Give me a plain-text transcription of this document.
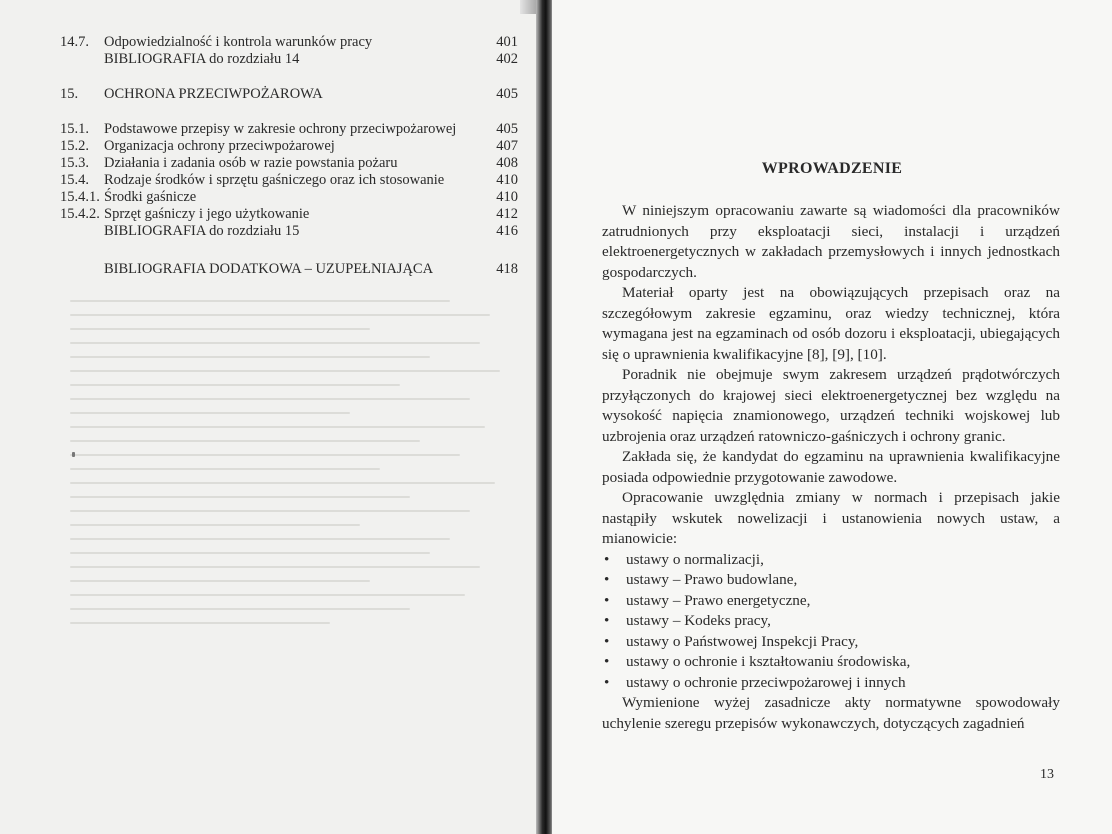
14.7. Odpowiedzialność i kontrola warunków pracy	401
BIBLIOGRAFIA do rozdziału 14	402
15. OCHRONA PRZECIWPOŻAROWA	405
15.1. Podstawowe przepisy w zakresie ochrony przeciwpożarowej	405
15.2. Organizacja ochrony przeciwpożarowej	407
15.3. Działania i zadania osób w razie powstania pożaru	408
15.4. Rodzaje środków i sprzętu gaśniczego oraz ich stosowanie	410
15.4.1. Środki gaśnicze	410
15.4.2. Sprzęt gaśniczy i jego użytkowanie	412
BIBLIOGRAFIA do rozdziału 15	416
BIBLIOGRAFIA DODATKOWA – UZUPEŁNIAJĄCA	418
WPROWADZENIE

W niniejszym opracowaniu zawarte są wiadomości dla pracowników zatrudnionych przy eksploatacji sieci, instalacji i urządzeń elektroenergetycznych w zakładach przemysłowych i innych jednostkach gospodarczych.

Materiał oparty jest na obowiązujących przepisach oraz na szczegółowym zakresie egzaminu, oraz wiedzy technicznej, która wymagana jest na egzaminach od osób dozoru i eksploatacji, ubiegających się o uprawnienia kwalifikacyjne [8], [9], [10].

Poradnik nie obejmuje swym zakresem urządzeń prądotwórczych przyłączonych do krajowej sieci elektroenergetycznej bez względu na wysokość napięcia znamionowego, urządzeń techniki wojskowej lub uzbrojenia oraz urządzeń ratowniczo-gaśniczych i ochrony granic.

Zakłada się, że kandydat do egzaminu na uprawnienia kwalifikacyjne posiada odpowiednie przygotowanie zawodowe.

Opracowanie uwzględnia zmiany w normach i przepisach jakie nastąpiły wskutek nowelizacji i ustanowienia nowych ustaw, a mianowicie:

• ustawy o normalizacji,
• ustawy – Prawo budowlane,
• ustawy – Prawo energetyczne,
• ustawy – Kodeks pracy,
• ustawy o Państwowej Inspekcji Pracy,
• ustawy o ochronie i kształtowaniu środowiska,
• ustawy o ochronie przeciwpożarowej i innych

Wymienione wyżej zasadnicze akty normatywne spowodowały uchylenie szeregu przepisów wykonawczych, dotyczących zagadnień

13
